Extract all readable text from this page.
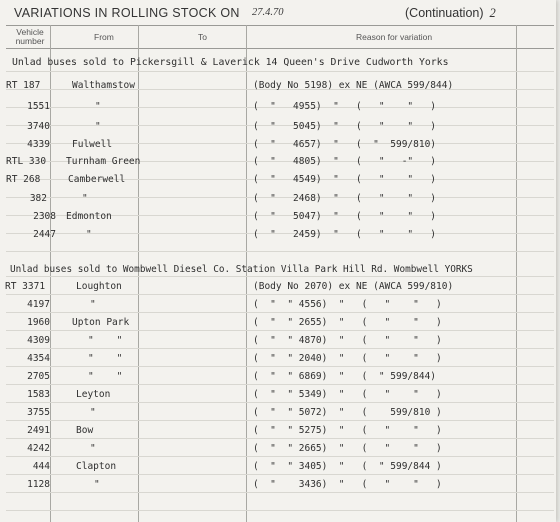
VARIATIONS IN ROLLING STOCK ON 27.4.70	(Continuation) 2
Vehicle number	From	To	Reason for variation
Unlad buses sold to Pickersgill & Laverick 14 Queen's Drive Cudworth Yorks
RT 187	Walthamstow	(Body No 5198) ex NE (AWCA 599/844)
1551	"	(  "   4955)  "   (   "    "   )
3740	"	(  "   5045)  "   (   "    "   )
4339 Fulwell	(  "   4657)  "   (  "  599/810)
RTL 330	Turnham Green	(  "   4805)  "   (   "   -"   )
RT 268	Camberwell	(  "   4549)  "   (   "    "   )
382	"	(  "   2468)  "   (   "    "   )
2308 Edmonton	(  "   5047)  "   (   "    "   )
2447	"	(  "   2459)  "   (   "    "   )
Unlad buses sold to Wombwell Diesel Co. Station Villa Park Hill Rd. Wombwell YORKS
RT 3371	Loughton	(Body No 2070) ex NE (AWCA 599/810)
4197	"	(  "  " 4556)  "   (   "    "   )
1960 Upton Park	(  "  " 2655)  "   (   "    "   )
4309	"    "	(  "  " 4870)  "   (   "    "   )
4354	"    "	(  "  " 2040)  "   (   "    "   )
2705	"    "	(  "  " 6869)  "   (  " 599/844)
1583	Leyton	(  "  " 5349)  "   (   "    "   )
3755	"	(  "  " 5072)  "   (    599/810 )
2491	Bow	(  "  " 5275)  "   (   "    "   )
4242	"	(  "  " 2665)  "   (   "    "   )
444	Clapton	(  "  " 3405)  "   (  " 599/844 )
1128	"	(  "    3436)  "   (   "    "   )
